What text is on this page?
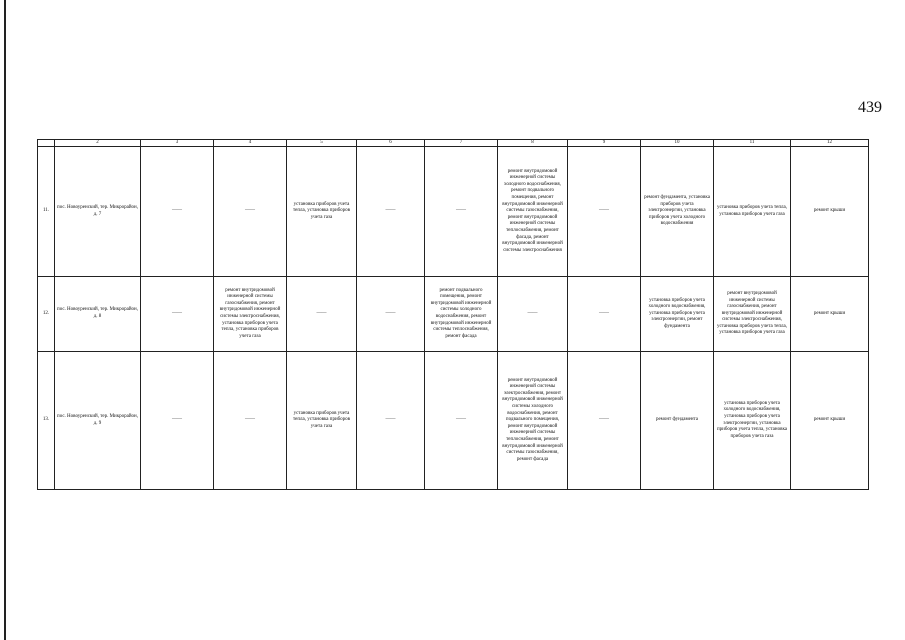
439
	2	3	4	5	6	7	8	9	10	11	12
11.	пос. Новоуренский, тер. Микрорайон, д. 7	——	——	установка приборов учета тепла, установка приборов учета газа	——	——	ремонт внутридомовой инженерной системы холодного водоснабжения, ремонт подвального помещения, ремонт внутридомовой инженерной системы газоснабжения, ремонт внутридомовой инженерной системы теплоснабжения, ремонт фасада, ремонт внутридомовой инженерной системы электроснабжения	——	ремонт фундамента, установка приборов учета электроэнергии, установка приборов учета холодного водоснабжения	установка приборов учета тепла, установка приборов учета газа	ремонт крыши
12.	пос. Новоуренский, тер. Микрорайон, д. 8	——	ремонт внутридомовой инженерной системы газоснабжения, ремонт внутридомовой инженерной системы электроснабжения, установка приборов учета тепла, установка приборов учета газа	——	——	ремонт подвального помещения, ремонт внутридомовой инженерной системы холодного водоснабжения, ремонт внутридомовой инженерной системы теплоснабжения, ремонт фасада	——	——	установка приборов учета холодного водоснабжения, установка приборов учета электроэнергии, ремонт фундамента	ремонт внутридомовой инженерной системы газоснабжения, ремонт внутридомовой инженерной системы электроснабжения, установка приборов учета тепла, установка приборов учета газа	ремонт крыши
13.	пос. Новоуренский, тер. Микрорайон, д. 9	——	——	установка приборов учета тепла, установка приборов учета газа	——	——	ремонт внутридомовой инженерной системы электроснабжения, ремонт внутридомовой инженерной системы холодного водоснабжения, ремонт подвального помещения, ремонт внутридомовой инженерной системы теплоснабжения, ремонт внутридомовой инженерной системы газоснабжения, ремонт фасада	——	ремонт фундамента	установка приборов учета холодного водоснабжения, установка приборов учета электроэнергии, установка приборов учета тепла, установка приборов учета газа	ремонт крыши
